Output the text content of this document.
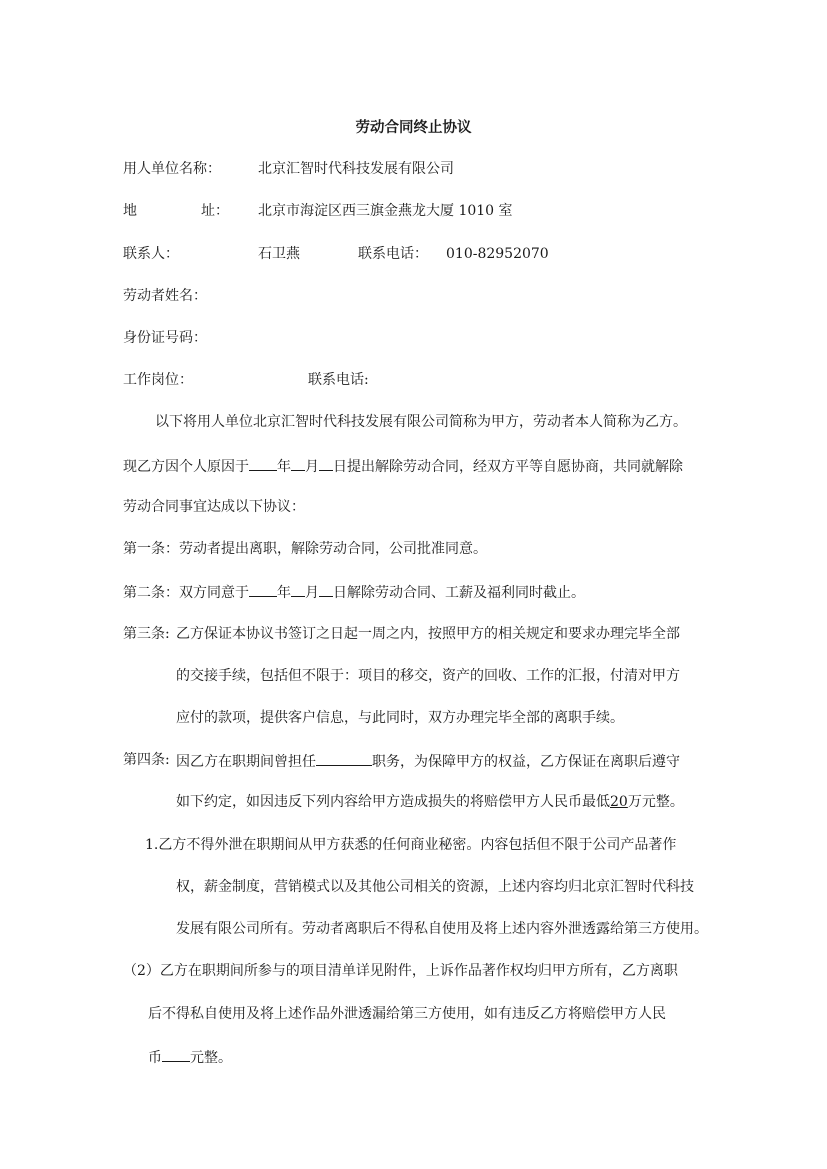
劳动合同终止协议
用人单位名称：	北京汇智时代科技发展有限公司
地	址： 北京市海淀区西三旗金燕龙大厦 1010 室
联系人：	石卫燕	联系电话： 010-82952070
劳动者姓名：
身份证号码：
工作岗位：	联系电话:
以下将用人单位北京汇智时代科技发展有限公司简称为甲方，劳动者本人简称为乙方。
现乙方因个人原因于 年 月 日提出解除劳动合同，经双方平等自愿协商，共同就解除
劳动合同事宜达成以下协议：
第一条：劳动者提出离职，解除劳动合同，公司批准同意。
第二条：双方同意于 年 月 日解除劳动合同、工薪及福利同时截止。
第三条: 乙方保证本协议书签订之日起一周之内，按照甲方的相关规定和要求办理完毕全部
的交接手续，包括但不限于：项目的移交，资产的回收、工作的汇报，付清对甲方
应付的款项，提供客户信息，与此同时，双方办理完毕全部的离职手续。
第四条: 因乙方在职期间曾担任	职务，为保障甲方的权益，乙方保证在离职后遵守
如下约定，如因违反下列内容给甲方造成损失的将赔偿甲方人民币最低20万元整。
1.乙方不得外泄在职期间从甲方获悉的任何商业秘密。内容包括但不限于公司产品著作
权，薪金制度，营销模式以及其他公司相关的资源，上述内容均归北京汇智时代科技
发展有限公司所有。劳动者离职后不得私自使用及将上述内容外泄透露给第三方使用。
（2）乙方在职期间所参与的项目清单详见附件，上诉作品著作权均归甲方所有，乙方离职
后不得私自使用及将上述作品外泄透漏给第三方使用，如有违反乙方将赔偿甲方人民
币 元整。
